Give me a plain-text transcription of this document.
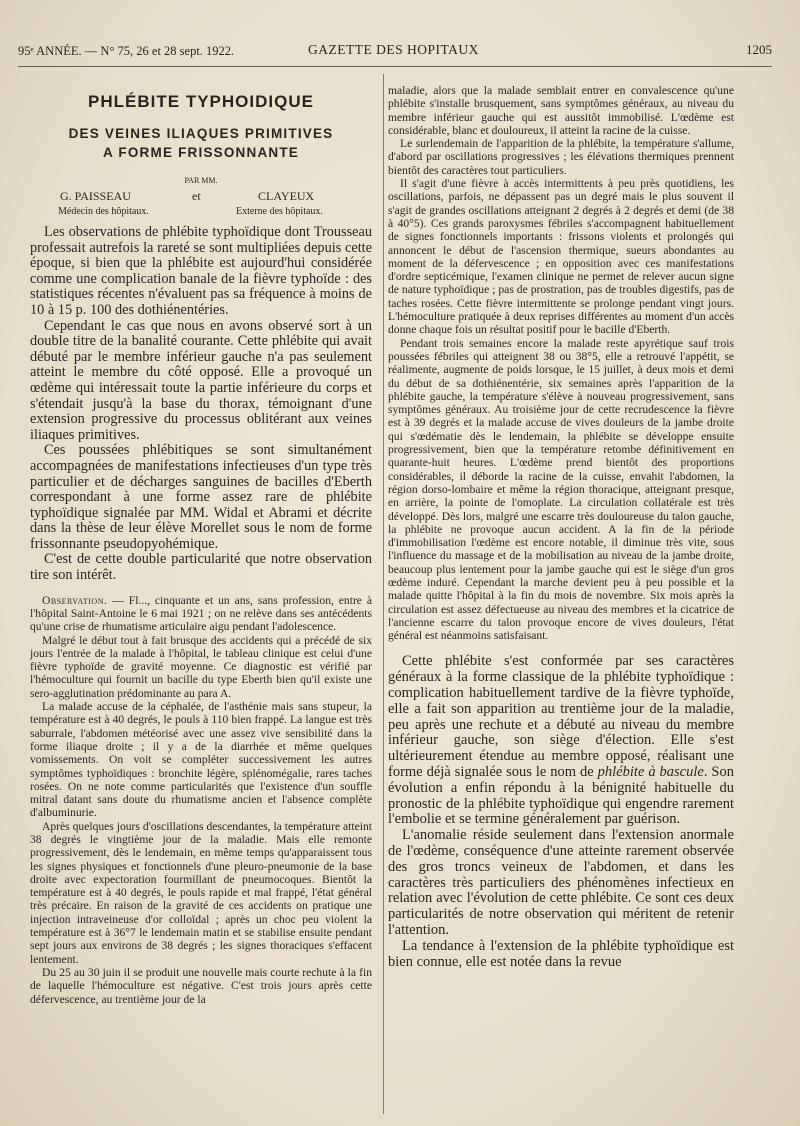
95ᵉ ANNÉE. — N° 75, 26 et 28 sept. 1922.	GAZETTE DES HOPITAUX	1205
PHLÉBITE TYPHOIDIQUE
DES VEINES ILIAQUES PRIMITIVES
A FORME FRISSONNANTE
PAR MM.
G. PAISSEAU	et	CLAYEUX
Médecin des hôpitaux.	Externe des hôpitaux.

Les observations de phlébite typhoïdique dont Trousseau professait autrefois la rareté se sont multipliées depuis cette époque, si bien que la phlébite est aujourd'hui considérée comme une complication banale de la fièvre typhoïde : des statistiques récentes n'évaluent pas sa fréquence à moins de 10 à 15 p. 100 des dothiénentéries.

Cependant le cas que nous en avons observé sort à un double titre de la banalité courante. Cette phlébite qui avait débuté par le membre inférieur gauche n'a pas seulement atteint le membre du côté opposé. Elle a provoqué un œdème qui intéressait toute la partie inférieure du corps et s'étendait jusqu'à la base du thorax, témoignant d'une extension progressive du processus oblitérant aux veines iliaques primitives.

Ces poussées phlébitiques se sont simultanément accompagnées de manifestations infectieuses d'un type très particulier et de décharges sanguines de bacilles d'Eberth correspondant à une forme assez rare de phlébite typhoïdique signalée par MM. Widal et Abrami et décrite dans la thèse de leur élève Morellet sous le nom de forme frissonnante pseudopyohémique.

C'est de cette double particularité que notre observation tire son intérêt.

Observation. — Fl..., cinquante et un ans, sans profession, entre à l'hôpital Saint-Antoine le 6 mai 1921 ; on ne relève dans ses antécédents qu'une crise de rhumatisme articulaire aigu pendant l'adolescence.

Malgré le début tout à fait brusque des accidents qui a précédé de six jours l'entrée de la malade à l'hôpital, le tableau clinique est celui d'une fièvre typhoïde de gravité moyenne. Ce diagnostic est vérifié par l'hémoculture qui fournit un bacille du type Eberth bien qu'il existe une sero-agglutination prédominante au para A.

La malade accuse de la céphalée, de l'asthénie mais sans stupeur, la température est à 40 degrés, le pouls à 110 bien frappé. La langue est très saburrale, l'abdomen météorisé avec une assez vive sensibilité dans la forme iliaque droite ; il y a de la diarrhée et même quelques vomissements. On voit se compléter successivement les autres symptômes typhoïdiques : bronchite légère, splénomégalie, rares taches rosées. On ne note comme particularités que l'existence d'un souffle mitral datant sans doute du rhumatisme ancien et l'absence complète d'albuminurie.

Après quelques jours d'oscillations descendantes, la température atteint 38 degrés le vingtième jour de la maladie. Mais elle remonte progressivement, dès le lendemain, en même temps qu'apparaissent tous les signes physiques et fonctionnels d'une pleuro-pneumonie de la base droite avec expectoration fourmillant de pneumocoques. Bientôt la température est à 40 degrés, le pouls rapide et mal frappé, l'état général très précaire. En raison de la gravité de ces accidents on pratique une injection intraveineuse d'or colloïdal ; après un choc peu violent la température est à 36°7 le lendemain matin et se stabilise ensuite pendant sept jours aux environs de 38 degrés ; les signes thoraciques s'effacent lentement.

Du 25 au 30 juin il se produit une nouvelle mais courte rechute à la fin de laquelle l'hémoculture est négative. C'est trois jours après cette défervescence, au trentième jour de la

maladie, alors que la malade semblait entrer en convalescence qu'une phlébite s'installe brusquement, sans symptômes généraux, au niveau du membre inférieur gauche qui est aussitôt immobilisé. L'œdème est considérable, blanc et douloureux, il atteint la racine de la cuisse.

Le surlendemain de l'apparition de la phlébite, la température s'allume, d'abord par oscillations progressives ; les élévations thermiques prennent bientôt des caractères tout particuliers.

Il s'agit d'une fièvre à accès intermittents à peu près quotidiens, les oscillations, parfois, ne dépassent pas un degré mais le plus souvent il s'agit de grandes oscillations atteignant 2 degrés à 2 degrés et demi (de 38 à 40°5). Ces grands paroxysmes fébriles s'accompagnent habituellement de signes fonctionnels importants : frissons violents et prolongés qui annoncent le début de l'ascension thermique, sueurs abondantes au moment de la défervescence ; en opposition avec ces manifestations d'ordre septicémique, l'examen clinique ne permet de relever aucun signe de nature typhoïdique ; pas de prostration, pas de troubles digestifs, pas de taches rosées. Cette fièvre intermittente se prolonge pendant vingt jours. L'hémoculture pratiquée à deux reprises différentes au moment d'un accès donne chaque fois un résultat positif pour le bacille d'Eberth.

Pendant trois semaines encore la malade reste apyrétique sauf trois poussées fébriles qui atteignent 38 ou 38°5, elle a retrouvé l'appétit, se réalimente, augmente de poids lorsque, le 15 juillet, à deux mois et demi du début de sa dothiénentérie, six semaines après l'apparition de la phlébite gauche, la température s'élève à nouveau progressivement, sans symptômes généraux. Au troisième jour de cette recrudescence la fièvre est à 39 degrés et la malade accuse de vives douleurs de la jambe droite qui s'œdématie dès le lendemain, la phlébite se développe ensuite progressivement, bien que la température retombe définitivement en quarante-huit heures. L'œdème prend bientôt des proportions considérables, il déborde la racine de la cuisse, envahit l'abdomen, la région dorso-lombaire et même la région thoracique, atteignant presque, en arrière, la pointe de l'omoplate. La circulation collatérale est très développé. Dès lors, malgré une escarre très douloureuse du talon gauche, la phlébite ne provoque aucun accident. A la fin de la période d'immobilisation l'œdème est encore notable, il diminue très vite, sous l'influence du massage et de la mobilisation au niveau de la jambe droite, beaucoup plus lentement pour la jambe gauche qui est le siège d'un gros œdème induré. Cependant la marche devient peu à peu possible et la malade quitte l'hôpital à la fin du mois de novembre. Six mois après la circulation est assez défectueuse au niveau des membres et la cicatrice de l'ancienne escarre du talon provoque encore de vives douleurs, l'état général est néanmoins satisfaisant.

Cette phlébite s'est conformée par ses caractères généraux à la forme classique de la phlébite typhoïdique : complication habituellement tardive de la fièvre typhoïde, elle a fait son apparition au trentième jour de la maladie, peu après une rechute et a débuté au niveau du membre inférieur gauche, son siège d'élection. Elle s'est ultérieurement étendue au membre opposé, réalisant une forme déjà signalée sous le nom de phlébite à bascule. Son évolution a enfin répondu à la bénignité habituelle du pronostic de la phlébite typhoïdique qui engendre rarement l'embolie et se termine généralement par guérison.

L'anomalie réside seulement dans l'extension anormale de l'œdème, conséquence d'une atteinte rarement observée des gros troncs veineux de l'abdomen, et dans les caractères très particuliers des phénomènes infectieux en relation avec l'évolution de cette phlébite. Ce sont ces deux particularités de notre observation qui méritent de retenir l'attention.

La tendance à l'extension de la phlébite typhoïdique est bien connue, elle est notée dans la revue
